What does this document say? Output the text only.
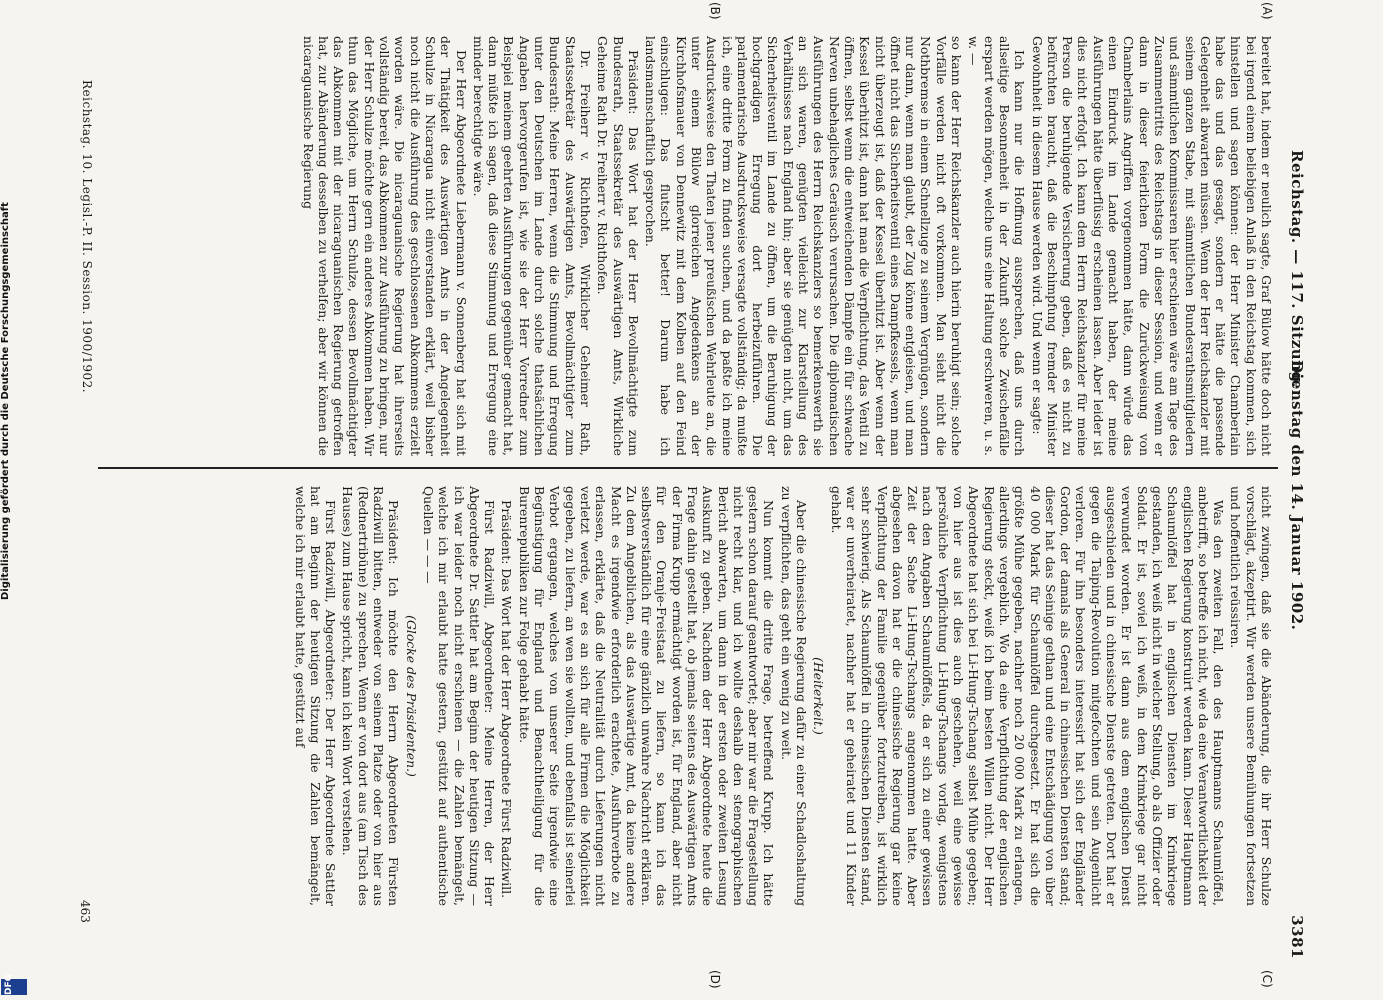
Reichstag. — 117. Sitzung.
Dienstag den 14. Januar 1902.
3381
(A)
(B)
(C)
(D)

bereitet hat, indem er neulich sagte, Graf Bülow hätte doch nicht bei irgend einem beliebigen Anlaß in den Reichstag kommen, sich hinstellen und sagen können: der Herr Minister Chamberlain habe das und das gesagt, sondern er hätte die passende Gelegenheit abwarten müssen. Wenn der Herr Reichskanzler mit seinem ganzen Stabe, mit sämmtlichen Bundesrathsmitgliedern und sämmtlichen Kommissaren hier erschienen wäre am Tage des Zusammentritts des Reichstags in dieser Session, und wenn er dann in dieser feierlichen Form die Zurückweisung von Chamberlains Angriffen vorgenommen hätte, dann würde das einen Eindruck im Lande gemacht haben, der meine Ausführungen hätte überflüssig erscheinen lassen. Aber leider ist dies nicht erfolgt. Ich kann dem Herrn Reichskanzler für meine Person die beruhigende Versicherung geben, daß es nicht zu befürchten braucht, daß die Beschimpfung fremder Minister Gewohnheit in diesem Hause werden wird. Und wenn er sagte:

Ich kann nur die Hoffnung aussprechen, daß uns durch allseitige Besonnenheit in der Zukunft solche Zwischenfälle erspart werden mögen, welche uns eine Haltung erschweren, u. s. w. —

so kann der Herr Reichskanzler auch hierin beruhigt sein; solche Vorfälle werden nicht oft vorkommen. Man sieht nicht die Nothbremse in einem Schnellzuge zu seinem Vergnügen, sondern nur dann, wenn man glaubt, der Zug könne entgleisen, und man öffnet nicht das Sicherheitsventil eines Dampfkessels, wenn man nicht überzeugt ist, daß der Kessel überhitzt ist. Aber wenn der Kessel überhitzt ist, dann hat man die Verpflichtung, das Ventil zu öffnen, selbst wenn die entweichenden Dämpfe ein für schwache Nerven unbehagliches Geräusch verursachen. Die diplomatischen Ausführungen des Herrn Reichskanzlers so bemerkenswerth sie an sich waren, genügten vielleicht zur Klarstellung des Verhältnisses nach England hin; aber sie genügten nicht, um das Sicherheitsventil im Lande zu öffnen, um die Beruhigung der hochgradigen Erregung dort herbeizuführen. Die parlamentarische Ausdrucksweise versagte vollständig; da mußte ich, eine dritte Form zu finden suchen, und da paßte ich meine Ausdrucksweise den Thaten jener preußischen Wehrleute an, die unter einem Bülow glorreichen Angedenkens an der Kirchhofsmauer von Dennewitz mit dem Kolben auf den Feind einschlugen: Das flutscht better! Darum habe ich landsmannschaftlich gesprochen.

Präsident: Das Wort hat der Herr Bevollmächtigte zum Bundesrath, Staatssekretär des Auswärtigen Amts, Wirkliche Geheime Rath Dr. Freiherr v. Richthofen.

Dr. Freiherr v. Richthofen, Wirklicher Geheimer Rath, Staatssekretär des Auswärtigen Amts, Bevollmächtigter zum Bundesrath: Meine Herren, wenn die Stimmung und Erregung unter den Deutschen im Lande durch solche thatsächlichen Angaben hervorgerufen ist, wie sie der Herr Vorredner zum Beispiel meinem geehrten Ausführungen gegenüber gemacht hat, dann müßte ich sagen, daß diese Stimmung und Erregung eine minder berechtigte wäre.

Der Herr Abgeordnete Liebermann v. Sonnenberg hat sich mit der Thätigkeit des Auswärtigen Amts in der Angelegenheit Schulze in Nicaragua nicht einverstanden erklärt, weil bisher noch nicht die Ausführung des geschlossenen Abkommens erzielt worden wäre. Die nicaraguanische Regierung hat ihrerseits vollständig bereit, das Abkommen zur Ausführung zu bringen, nur der Herr Schulze möchte gern ein anderes Abkommen haben. Wir thun das Mögliche, um Herrn Schulze, dessen Bevollmächtigter das Abkommen mit der nicaraguanischen Regierung getroffen hat, zur Abänderung desselben zu verhelfen; aber wir können die nicaraguanische Regierung

nicht zwingen, daß sie die Abänderung, die ihr Herr Schulze vorschlägt, akzeptirt. Wir werden unsere Bemühungen fortsetzen und hoffentlich reüssiren.

Was den zweiten Fall, den des Hauptmanns Schaumlöffel, anbetrifft, so betreffe ich nicht, wie da eine Verantwortlichkeit der englischen Regierung konstruirt werden kann. Dieser Hauptmann Schaumlöffel hat in englischen Diensten im Krimkriege gestanden, ich weiß nicht in welcher Stellung, ob als Offizier oder Soldat. Er ist, soviel ich weiß, in dem Krimkriege gar nicht verwundet worden. Er ist dann aus dem englischen Dienst ausgeschieden und in chinesische Dienste getreten. Dort hat er gegen die Taiping-Revolution mitgefochten und sein Augenlicht verloren. Für ihn besonders interessirt hat sich der Engländer Gordon, der damals als General in chinesischen Diensten stand; dieser hat das Seinige gethan und eine Entschädigung von über 40 000 Mark für Schaumlöffel durchgesetzt. Er hat sich die größte Mühe gegeben, nachher noch 20 000 Mark zu erlangen, allerdings vergeblich. Wo da eine Verpflichtung der englischen Regierung steckt, weiß ich beim besten Willen nicht. Der Herr Abgeordnete hat sich bei Li-Hung-Tschang selbst Mühe gegeben; von hier aus ist dies auch geschehen, weil eine gewisse persönliche Verpflichtung Li-Hung-Tschangs vorlag, wenigstens nach den Angaben Schaumlöffels, da er sich zu einer gewissen Zeit der Sache Li-Hung-Tschangs angenommen hatte. Aber abgesehen davon hat er die chinesische Regierung gar keine Verpflichtung der Familie gegenüber fortzutreiben, ist wirklich sehr schwierig. Als Schaumlöffel in chinesischen Diensten stand, war er unverheiratet, nachher hat er geheiratet und 11 Kinder gehabt.

(Heiterkeit.)

Aber die chinesische Regierung dafür zu einer Schadloshaltung zu verpflichten, das geht ein wenig zu weit.

Nun kommt die dritte Frage, betreffend Krupp. Ich hätte gestern schon darauf geantwortet; aber mir war die Fragestellung nicht recht klar, und ich wollte deshalb den stenographischen Bericht abwarten, um dann in der ersten oder zweiten Lesung Auskunft zu geben. Nachdem der Herr Abgeordnete heute die Frage dahin gestellt hat, ob jemals seitens des Auswärtigen Amts der Firma Krupp ermächtigt worden ist, für England, aber nicht für den Oranje-Freistaat zu liefern, so kann ich das selbstverständlich für eine gänzlich unwahre Nachricht erklären. Zu dem Angeblichen, als das Auswärtige Amt, da keine andere Macht es irgendwie erforderlich erachtete, Ausfuhrverbote zu erlassen, erklärte, daß die Neutralität durch Lieferungen nicht verletzt werde, war es an sich für alle Firmen die Möglichkeit gegeben, zu liefern, an wen sie wollten, und ebenfalls ist seinerlei Verbot ergangen, welches von unserer Seite irgendwie eine Begünstigung für England und Benachtheiligung für die Burenrepubliken zur Folge gehabt hätte.

Präsident: Das Wort hat der Herr Abgeordnete Fürst Radziwill.

Fürst Radziwill, Abgeordneter: Meine Herren, der Herr Abgeordnete Dr. Sattler hat am Beginn der heutigen Sitzung — ich war leider noch nicht erschienen — die Zahlen bemängelt, welche ich mir erlaubt hatte gestern, gestützt auf authentische Quellen — — —

(Glocke des Präsidenten.)

Präsident: Ich möchte den Herrn Abgeordneten Fürsten Radziwill bitten, entweder von seinem Platze oder von hier aus (Rednertribüne) zu sprechen. Wenn er von dort aus (am Tisch des Hauses) zum Hause spricht, kann ich kein Wort verstehen.

Fürst Radziwill, Abgeordneter: Der Herr Abgeordnete Sattler hat am Beginn der heutigen Sitzung die Zahlen bemängelt, welche ich mir erlaubt hatte, gestützt auf

Reichstag. 10. Legisl.-P. II. Session. 1900/1902.
463
Digitalisierung gefördert durch die Deutsche Forschungsgemeinschaft
DFG
